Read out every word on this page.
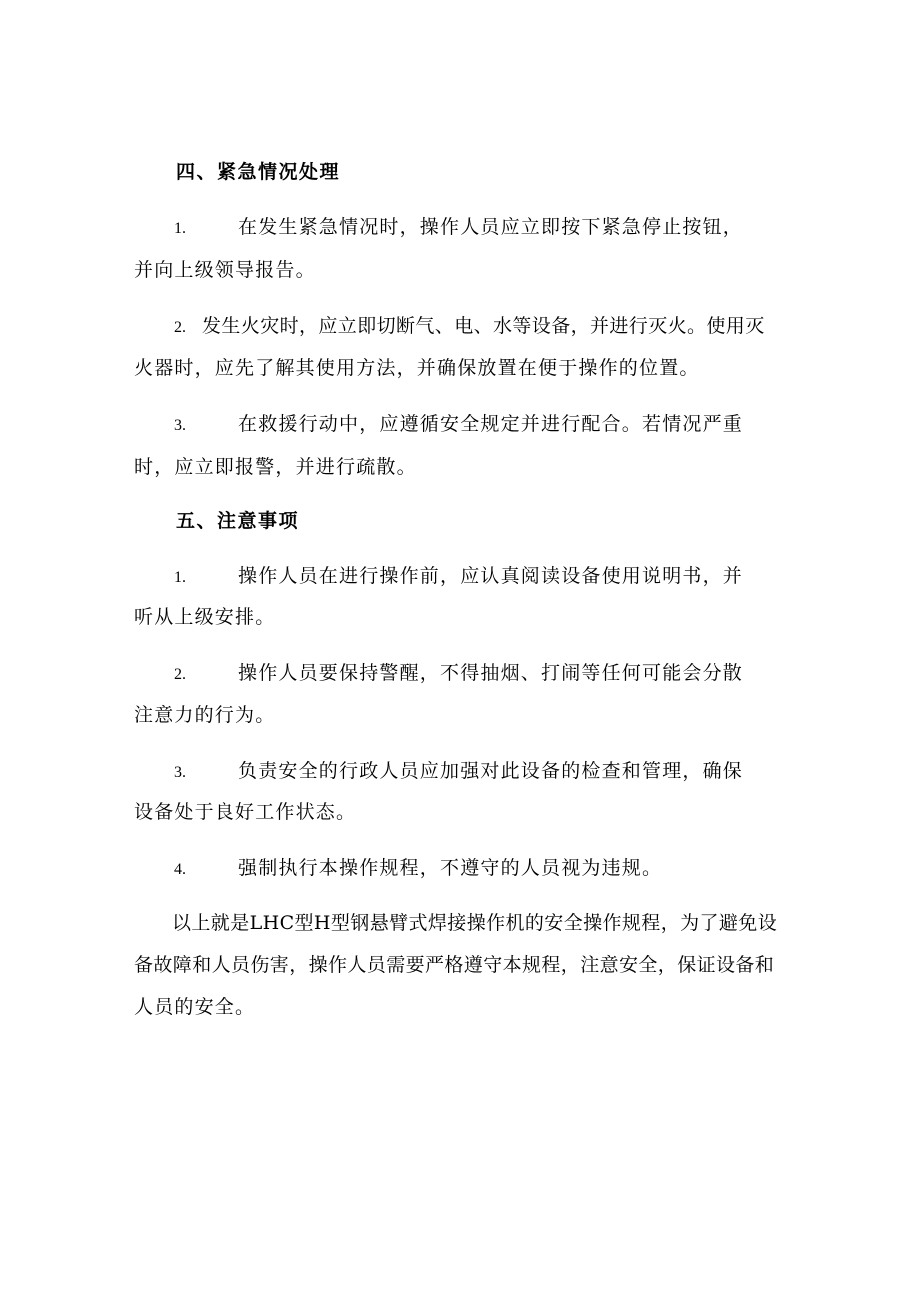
四、紧急情况处理
1.	在发生紧急情况时，操作人员应立即按下紧急停止按钮，
并向上级领导报告。
2. 发生火灾时，应立即切断气、电、水等设备，并进行灭火。使用灭
火器时，应先了解其使用方法，并确保放置在便于操作的位置。
3.	在救援行动中，应遵循安全规定并进行配合。若情况严重
时，应立即报警，并进行疏散。
五、注意事项
1.	操作人员在进行操作前，应认真阅读设备使用说明书，并
听从上级安排。
2.	操作人员要保持警醒，不得抽烟、打闹等任何可能会分散
注意力的行为。
3.	负责安全的行政人员应加强对此设备的检查和管理，确保
设备处于良好工作状态。
4.	强制执行本操作规程，不遵守的人员视为违规。
以上就是LHC型H型钢悬臂式焊接操作机的安全操作规程，为了避免设
备故障和人员伤害，操作人员需要严格遵守本规程，注意安全，保证设备和
人员的安全。
